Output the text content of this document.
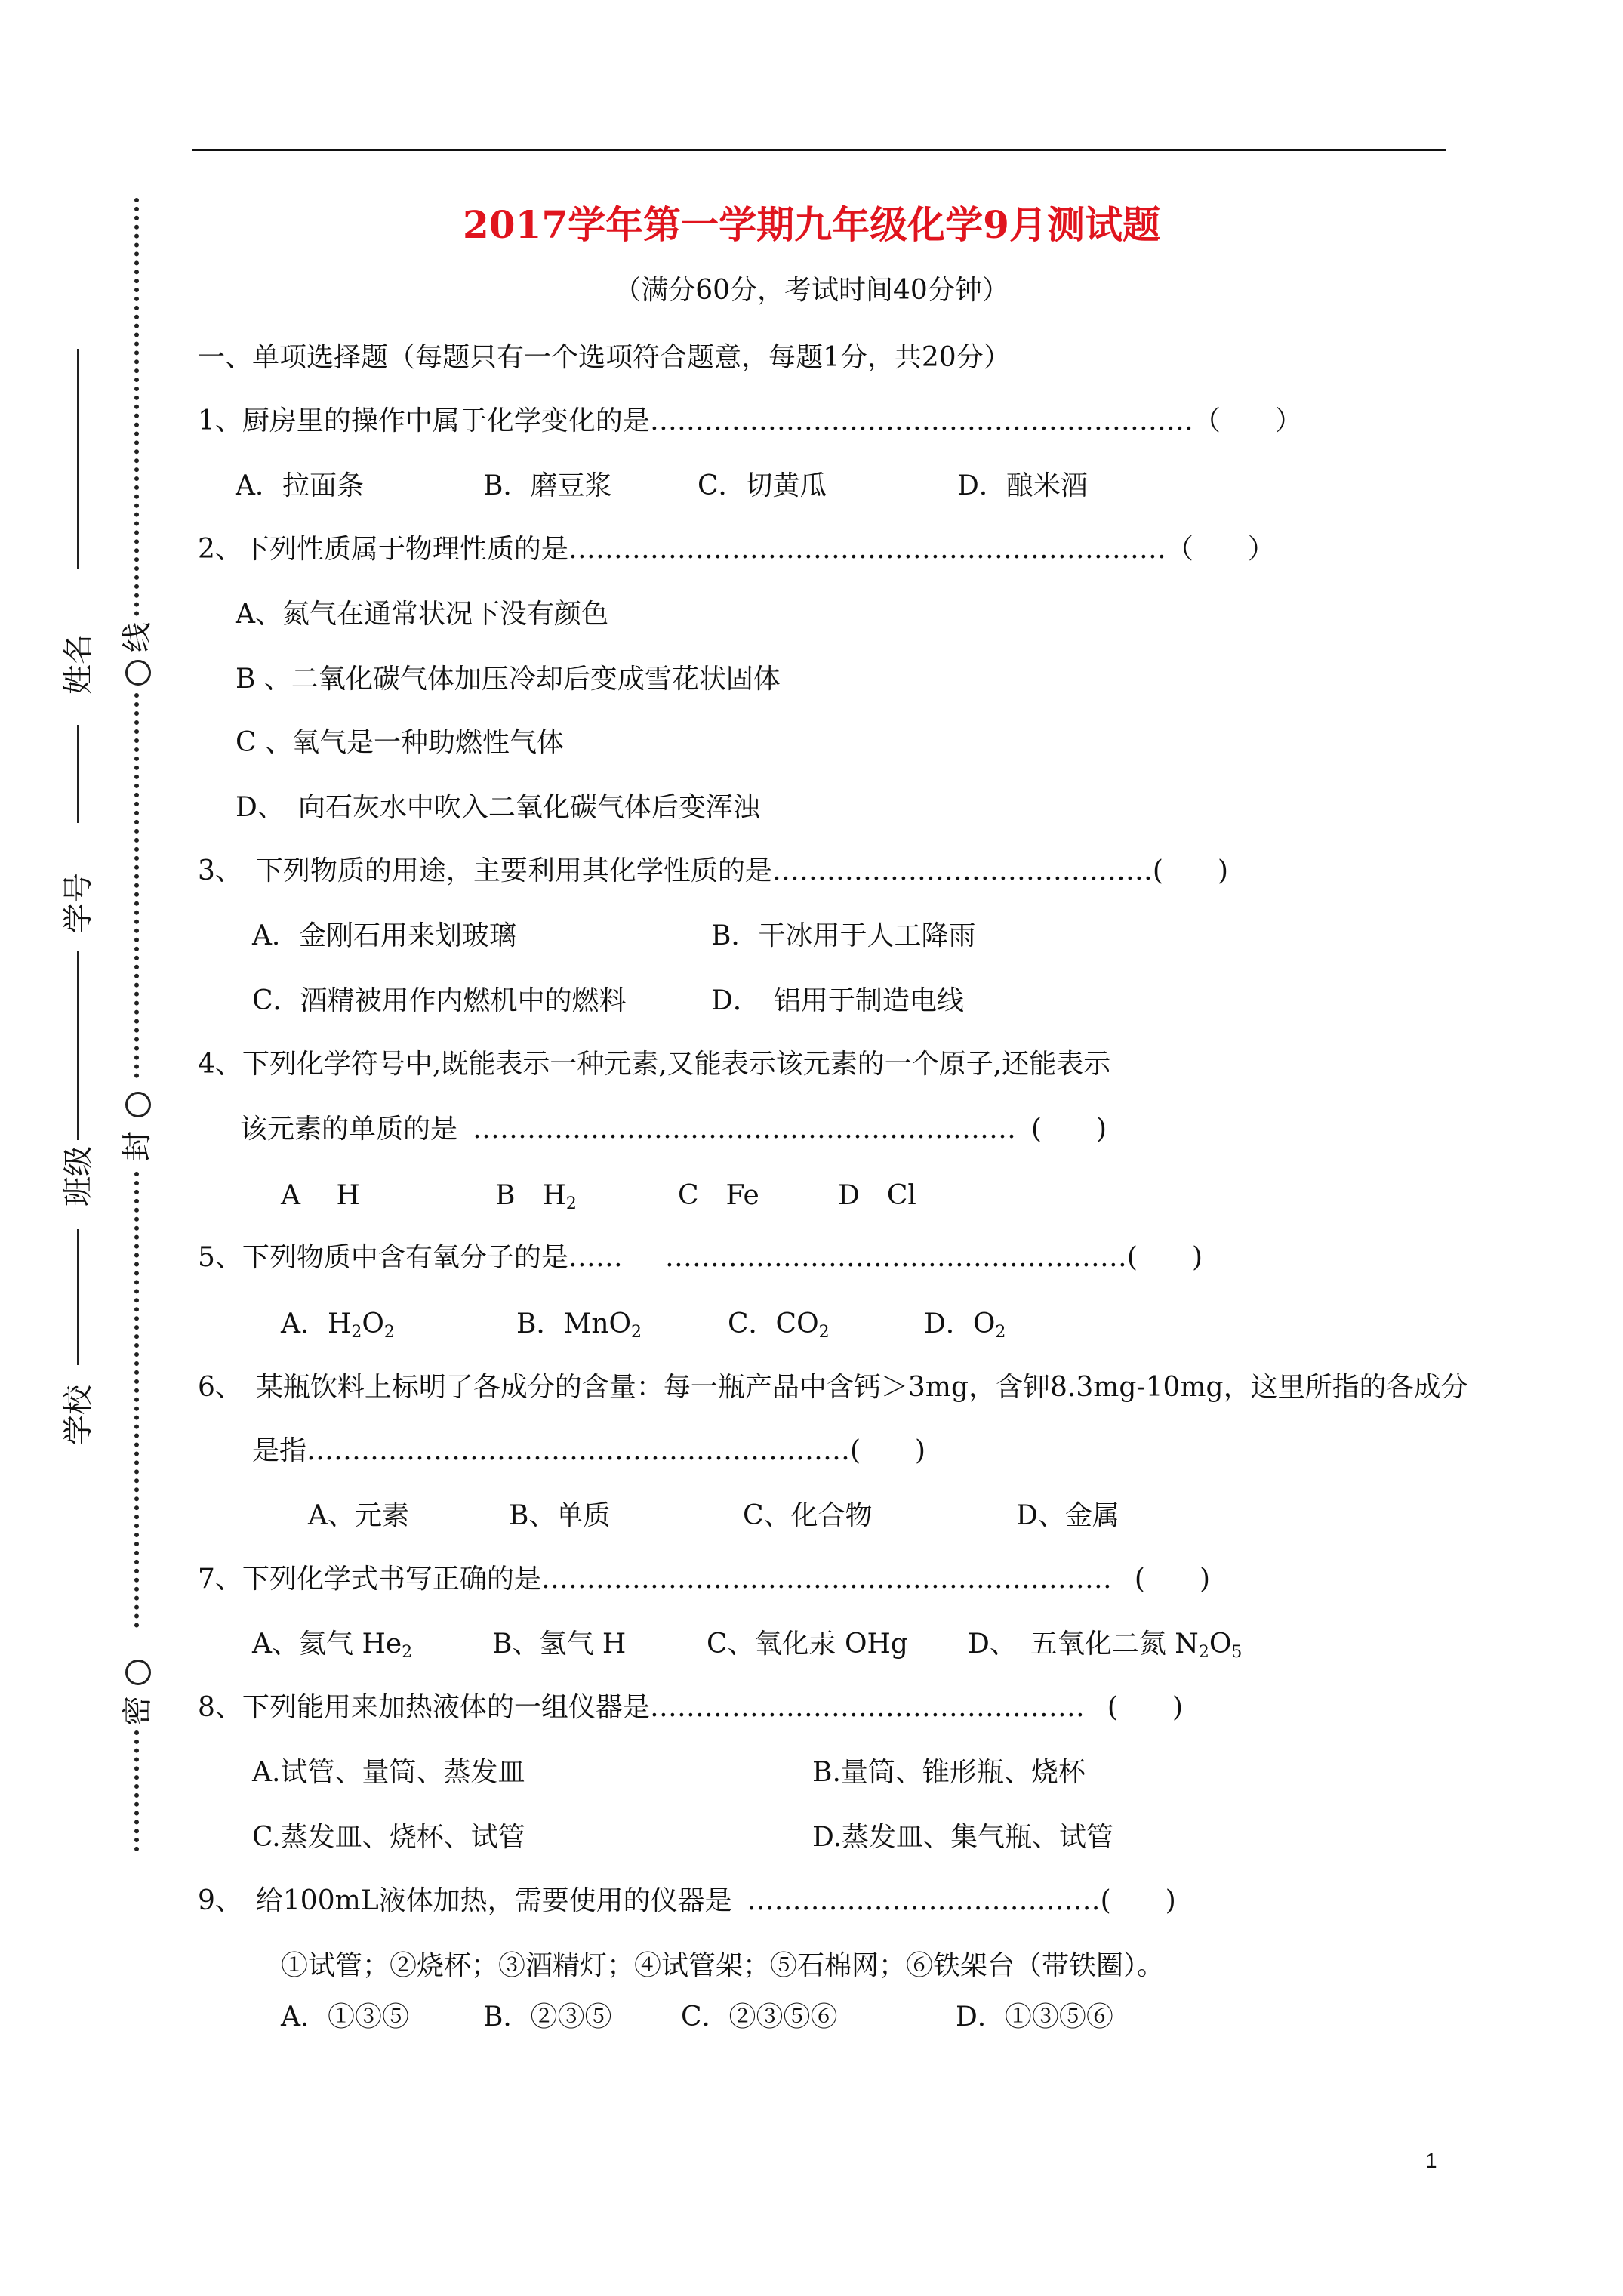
线
封
密
姓名
学号
班级
学校
2017学年第一学期九年级化学9月测试题
（满分60分，考试时间40分钟）
一、单项选择题（每题只有一个选项符合题意，每题1分，共20分）
1、厨房里的操作中属于化学变化的是……………………………………………………（　　）
A．拉面条	B．磨豆浆	C．切黄瓜	D．酿米酒
2、下列性质属于物理性质的是…………………………………………………………（　　）
A、氮气在通常状况下没有颜色
B 、二氧化碳气体加压冷却后变成雪花状固体
C 、氧气是一种助燃性气体
D、　向石灰水中吹入二氧化碳气体后变浑浊
3、　下列物质的用途，主要利用其化学性质的是……………………………………(　　)
A．金刚石用来划玻璃	B．干冰用于人工降雨
C．酒精被用作内燃机中的燃料	D．　铝用于制造电线
4、下列化学符号中,既能表示一种元素,又能表示该元素的一个原子,还能表示
该元素的单质的是 …………………………………………………… (　　)
A　 H	B　$H_2$	C　Fe	D　Cl
5、下列物质中含有氧分子的是…… ……………………………………………(　　)
A．$H_2O_2$	B．MnO$_2$	C．$CO_2$	D．$O_2$
6、　某瓶饮料上标明了各成分的含量：每一瓶产品中含钙＞3mg，含钾8.3mg-10mg，这里所指的各成分
是指……………………………………………………(　　)
A、元素	B、单质	C、化合物	D、金属
7、下列化学式书写正确的是……………………………………………………… (　　)
A、氦气 $He_2$	B、氢气 H	C、氧化汞 OHg D、　五氧化二氮 $N_2O_5$
8、下列能用来加热液体的一组仪器是………………………………………… (　　)
A.试管、量筒、蒸发皿	B.量筒、锥形瓶、烧杯
C.蒸发皿、烧杯、试管	D.蒸发皿、集气瓶、试管
9、　给100mL液体加热，需要使用的仪器是 …………………………………(　　)
①试管；②烧杯；③酒精灯；④试管架；⑤石棉网；⑥铁架台（带铁圈）。
A．①③⑤	B．②③⑤	C．②③⑤⑥	D．①③⑤⑥
1
